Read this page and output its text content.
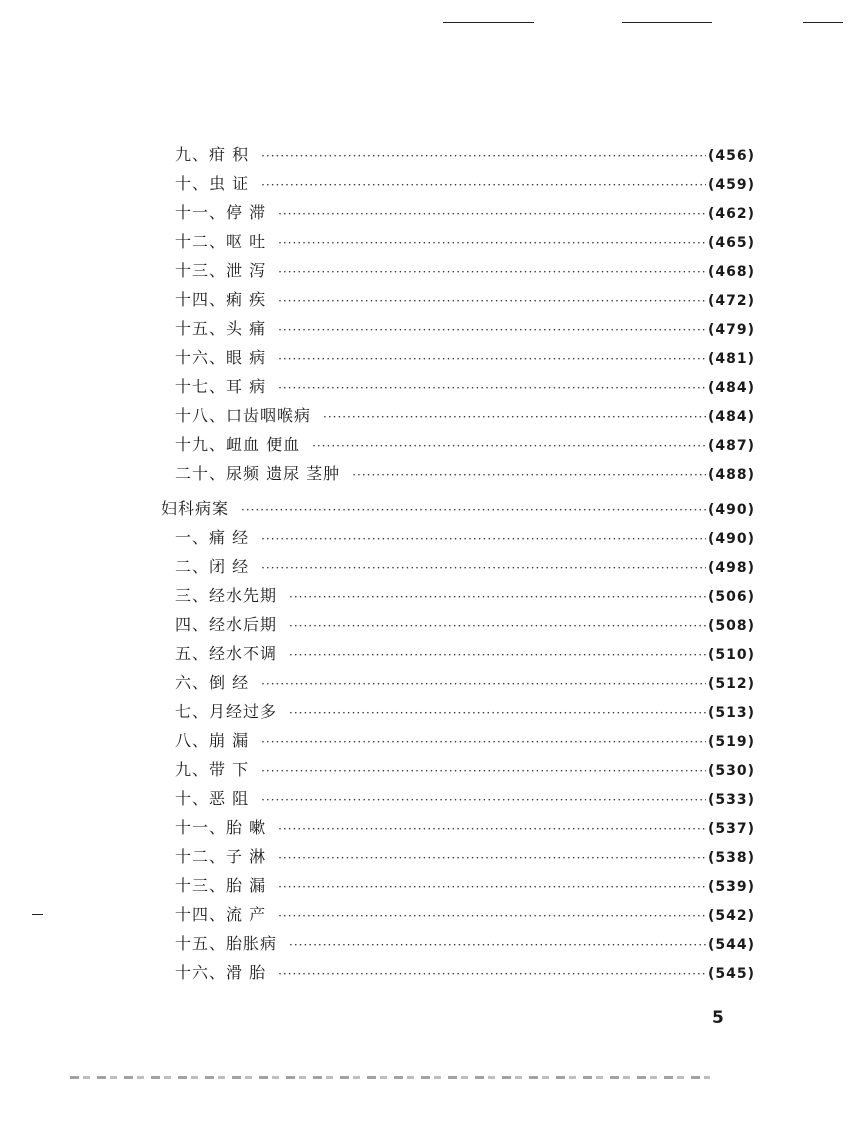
九、疳 积 ·····	(456)
十、虫 证 ·····	(459)
十一、停 滞 ·····	(462)
十二、呕 吐 ·····	(465)
十三、泄 泻 ·····	(468)
十四、痢 疾 ·····	(472)
十五、头 痛 ·····	(479)
十六、眼 病 ·····	(481)
十七、耳 病 ·····	(484)
十八、口齿咽喉病 ·····	(484)
十九、衄血 便血 ·····	(487)
二十、尿频 遗尿 茎肿 ·····	(488)
妇科病案 ·····	(490)
一、痛 经 ·····	(490)
二、闭 经 ·····	(498)
三、经水先期 ·····	(506)
四、经水后期 ·····	(508)
五、经水不调 ·····	(510)
六、倒 经 ·····	(512)
七、月经过多 ·····	(513)
八、崩 漏 ·····	(519)
九、带 下 ·····	(530)
十、恶 阻 ·····	(533)
十一、胎 嗽 ·····	(537)
十二、子 淋 ·····	(538)
十三、胎 漏 ·····	(539)
十四、流 产 ·····	(542)
十五、胎胀病 ·····	(544)
十六、滑 胎 ·····	(545)
5
